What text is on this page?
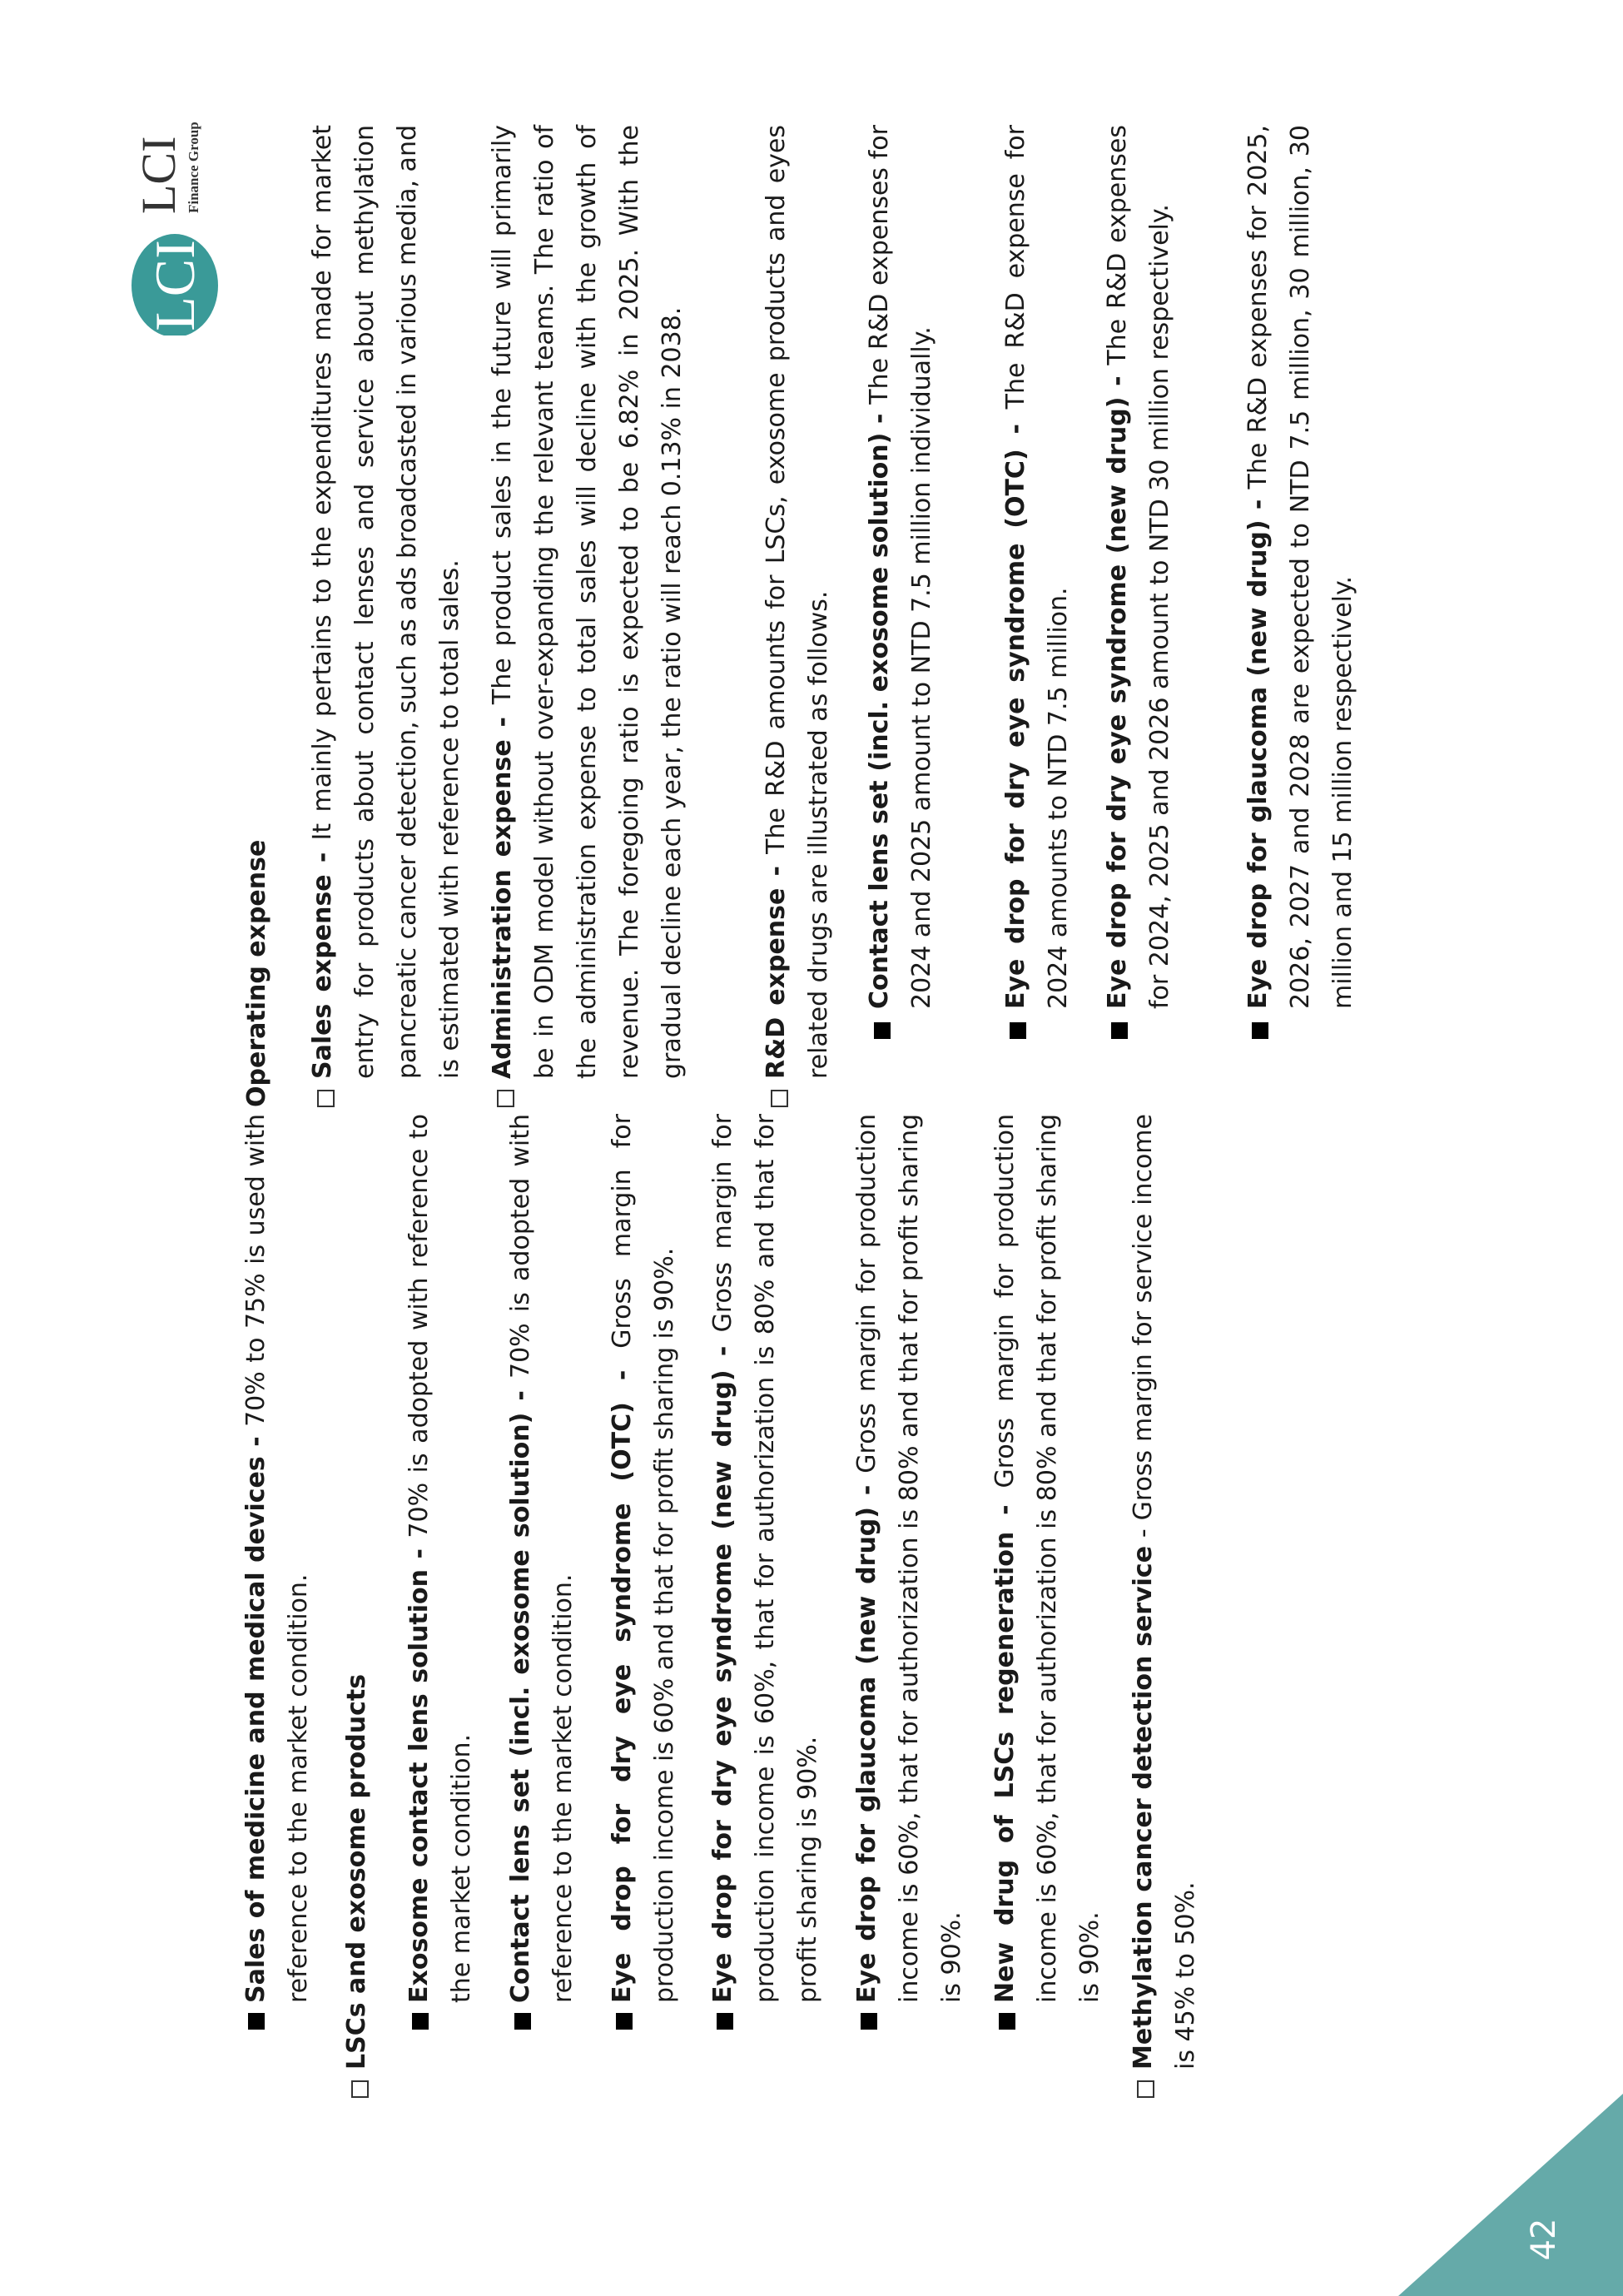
Sales of medicine and medical devices - 70% to 75% is used with reference to the market condition. LSCs and exosome products Exosome contact lens solution - 70% is adopted with reference to the market condition. Contact lens set (incl. exosome solution) - 70% is adopted with reference to the market condition. Eye drop for dry eye syndrome (OTC) - Gross margin for production income is 60% and that for profit sharing is 90%. Eye drop for dry eye syndrome (new drug) - Gross margin for production income is 60%, that for authorization is 80% and that for profit sharing is 90%. Eye drop for glaucoma (new drug) - Gross margin for production income is 60%, that for authorization is 80% and that for profit sharing is 90%. New drug of LSCs regeneration - Gross margin for production income is 60%, that for authorization is 80% and that for profit sharing is 90%. Methylation cancer detection service - Gross margin for service income is 45% to 50%.
Operating expense Sales expense - It mainly pertains to the expenditures made for market entry for products about contact lenses and service about methylation pancreatic cancer detection, such as ads broadcasted in various media, and is estimated with reference to total sales. Administration expense - The product sales in the future will primarily be in ODM model without over-expanding the relevant teams. The ratio of the administration expense to total sales will decline with the growth of revenue. The foregoing ratio is expected to be 6.82% in 2025. With the gradual decline each year, the ratio will reach 0.13% in 2038.	R&D expense - The R&D amounts for LSCs, exosome products and eyes related drugs are illustrated as follows. Contact lens set (incl. exosome solution) - The R&D expenses for 2024 and 2025 amount to NTD 7.5 million individually.	Eye drop for dry eye syndrome (OTC) - The R&D expense for 2024 amounts to NTD 7.5 million. Eye drop for dry eye syndrome (new drug) - The R&D expenses for 2024, 2025 and 2026 amount to NTD 30 million respectively.	Eye drop for glaucoma (new drug) - The R&D expenses for 2025, 2026, 2027 and 2028 are expected to NTD 7.5 million, 30 million, 30 million and 15 million respectively.
LCI
LCI Finance Group
42
